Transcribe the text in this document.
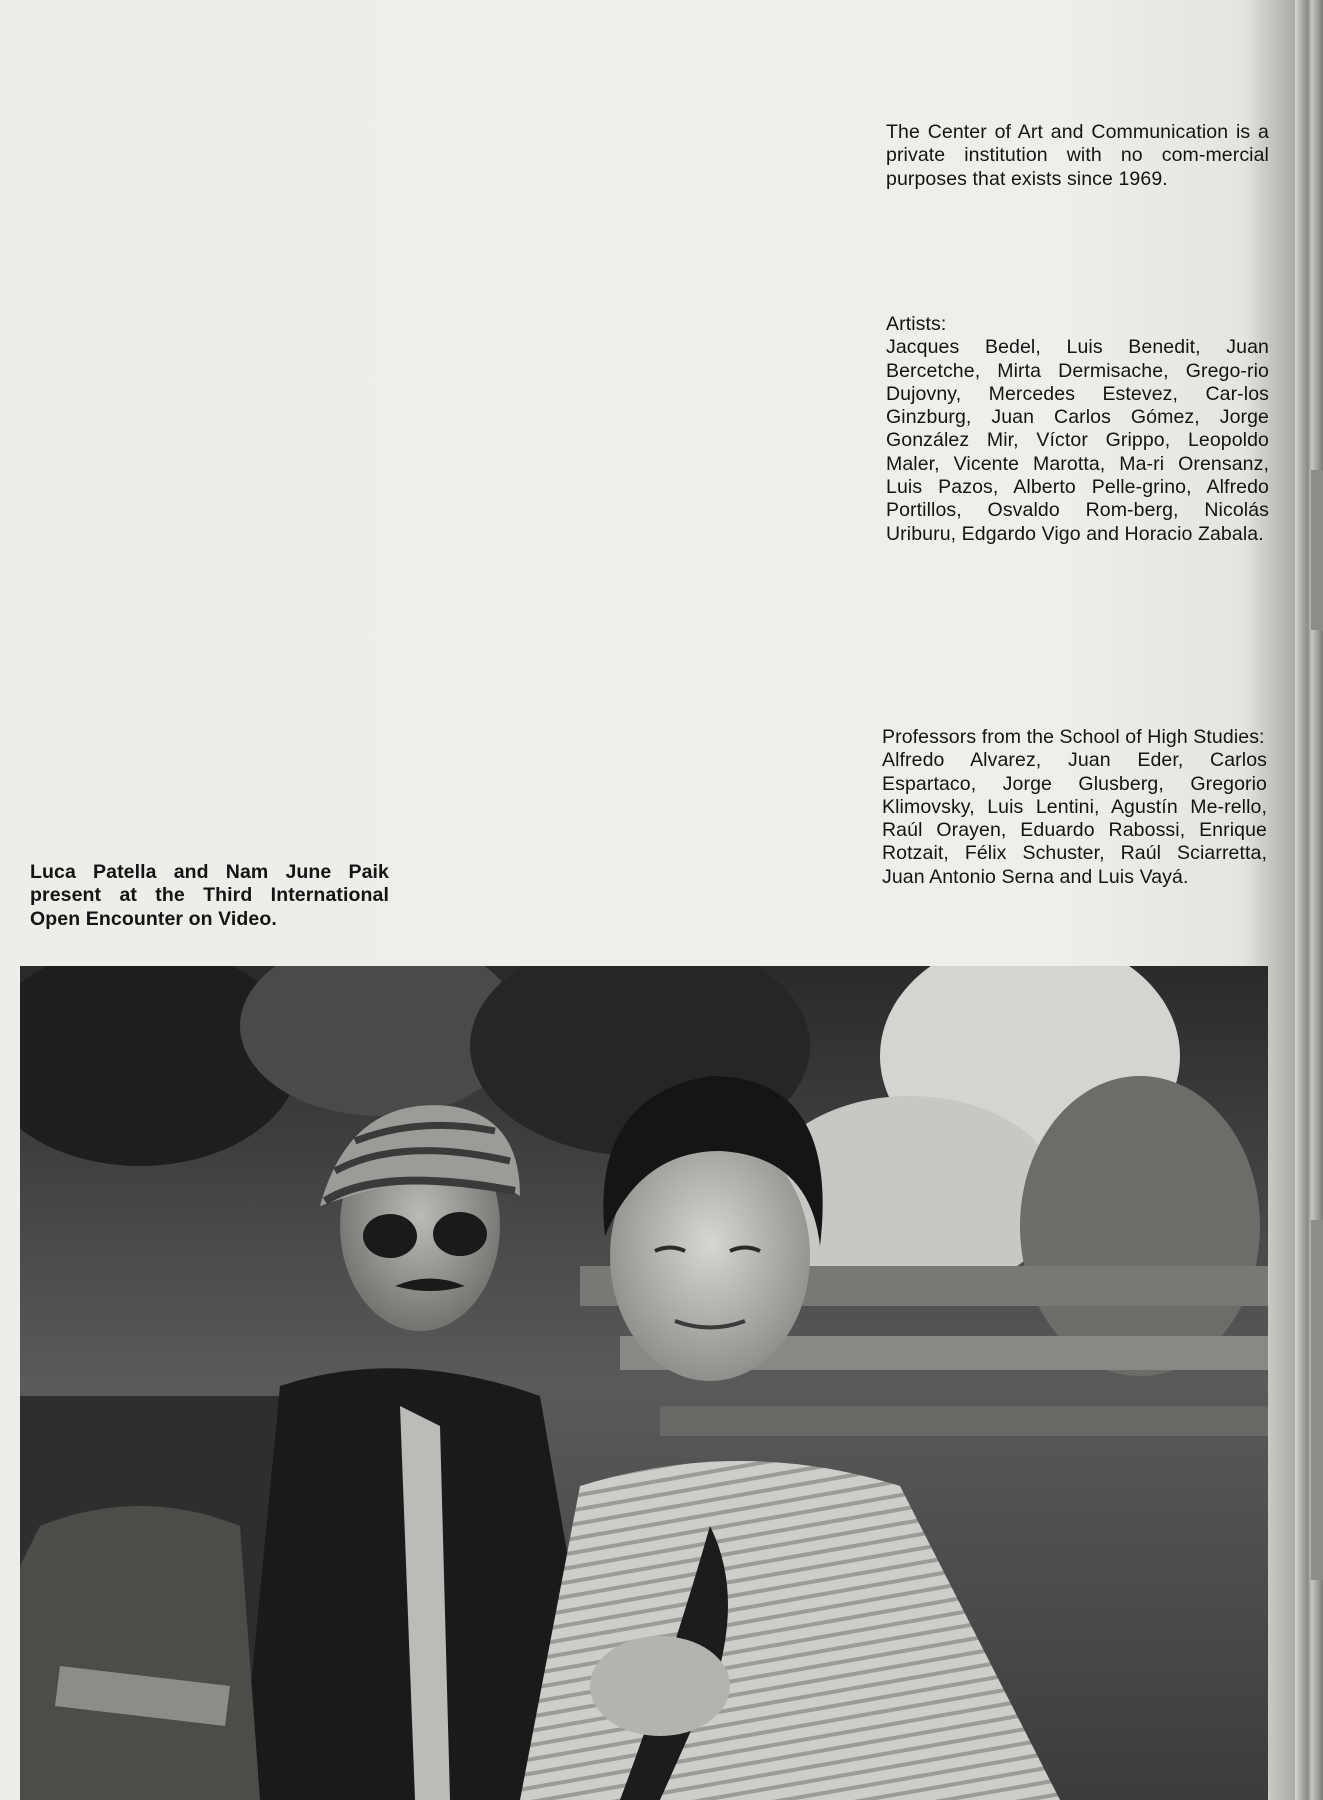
The Center of Art and Communication is a private institution with no com-mercial purposes that exists since 1969.

Artists:

Jacques Bedel, Luis Benedit, Juan Bercetche, Mirta Dermisache, Grego-rio Dujovny, Mercedes Estevez, Car-los Ginzburg, Juan Carlos Gómez, Jorge González Mir, Víctor Grippo, Leopoldo Maler, Vicente Marotta, Ma-ri Orensanz, Luis Pazos, Alberto Pelle-grino, Alfredo Portillos, Osvaldo Rom-berg, Nicolás Uriburu, Edgardo Vigo and Horacio Zabala.

Professors from the School of High Studies:

Alfredo Alvarez, Juan Eder, Carlos Espartaco, Jorge Glusberg, Gregorio Klimovsky, Luis Lentini, Agustín Me-rello, Raúl Orayen, Eduardo Rabossi, Enrique Rotzait, Félix Schuster, Raúl Sciarretta, Juan Antonio Serna and Luis Vayá.

Luca Patella and Nam June Paik present at the Third International Open Encounter on Video.
